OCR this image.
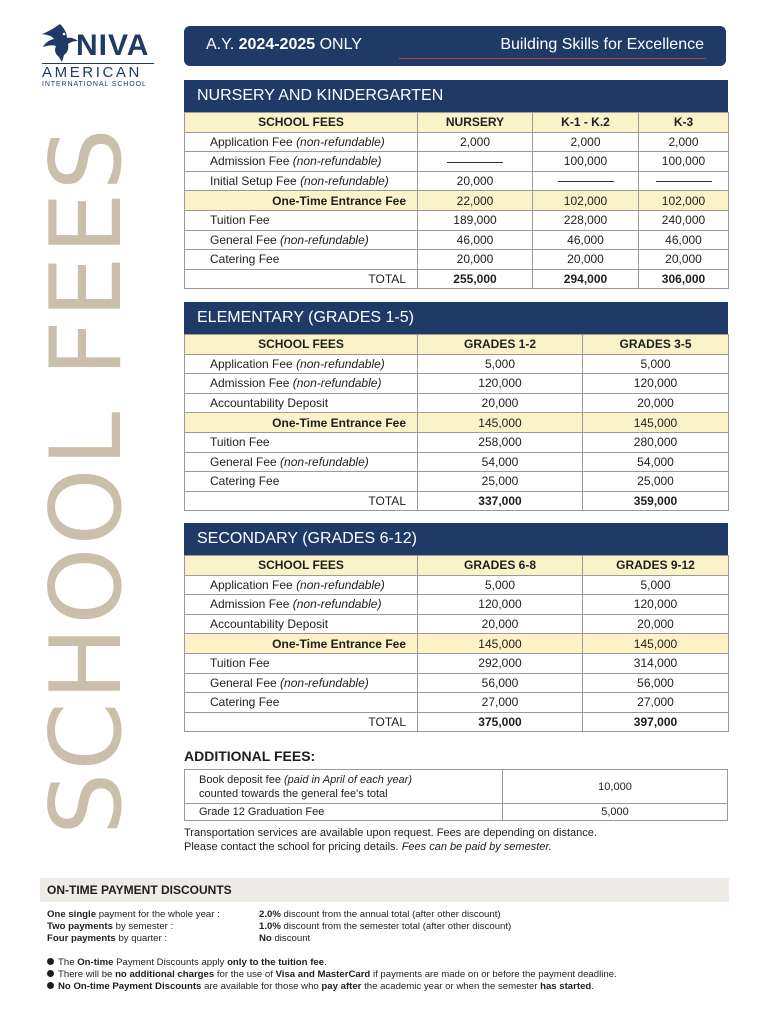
NIVA
AMERICAN
INTERNATIONAL SCHOOL
SCHOOL FEES
A.Y. 2024-2025 ONLY	Building Skills for Excellence
NURSERY AND KINDERGARTEN
SCHOOL FEES	NURSERY	K-1 - K.2	K-3
Application Fee (non-refundable)	2,000	2,000	2,000
Admission Fee (non-refundable)		100,000	100,000
Initial Setup Fee (non-refundable)	20,000		
One-Time Entrance Fee	22,000	102,000	102,000
Tuition Fee	189,000	228,000	240,000
General Fee (non-refundable)	46,000	46,000	46,000
Catering Fee	20,000	20,000	20,000
TOTAL	255,000	294,000	306,000
ELEMENTARY (GRADES 1-5)
SCHOOL FEES	GRADES 1-2	GRADES 3-5
Application Fee (non-refundable)	5,000	5,000
Admission Fee (non-refundable)	120,000	120,000
Accountability Deposit	20,000	20,000
One-Time Entrance Fee	145,000	145,000
Tuition Fee	258,000	280,000
General Fee (non-refundable)	54,000	54,000
Catering Fee	25,000	25,000
TOTAL	337,000	359,000
SECONDARY (GRADES 6-12)
SCHOOL FEES	GRADES 6-8	GRADES 9-12
Application Fee (non-refundable)	5,000	5,000
Admission Fee (non-refundable)	120,000	120,000
Accountability Deposit	20,000	20,000
One-Time Entrance Fee	145,000	145,000
Tuition Fee	292,000	314,000
General Fee (non-refundable)	56,000	56,000
Catering Fee	27,000	27,000
TOTAL	375,000	397,000
ADDITIONAL FEES:
Book deposit fee (paid in April of each year)
counted towards the general fee's total	10,000
Grade 12 Graduation Fee	5,000
Transportation services are available upon request. Fees are depending on distance.
Please contact the school for pricing details. Fees can be paid by semester.
ON-TIME PAYMENT DISCOUNTS
One single payment for the whole year :	2.0% discount from the annual total (after other discount)
Two payments by semester :	1.0% discount from the semester total (after other discount)
Four payments by quarter :	No discount
The On-time Payment Discounts apply only to the tuition fee.
There will be no additional charges for the use of Visa and MasterCard if payments are made on or before the payment deadline.
No On-time Payment Discounts are available for those who pay after the academic year or when the semester has started.
